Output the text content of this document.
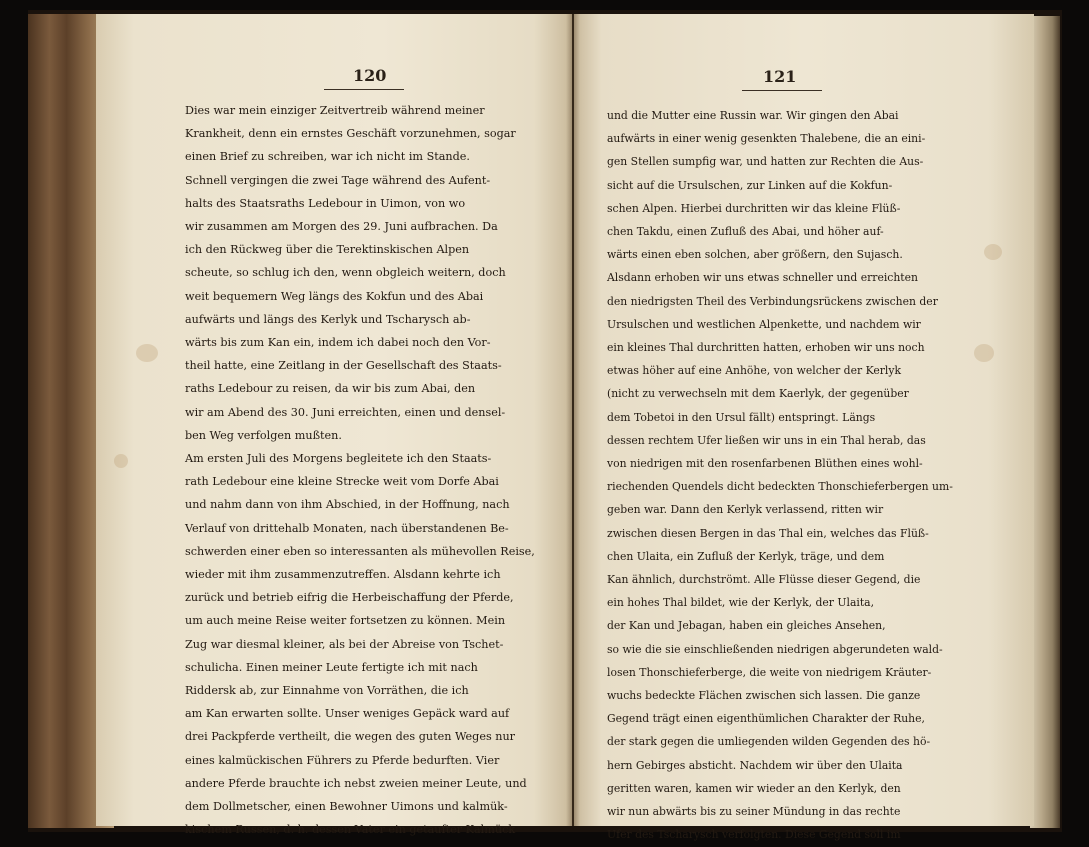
120	121
Dies war mein einziger Zeitvertreib während meiner
Krankheit, denn ein ernstes Geschäft vorzunehmen, sogar
einen Brief zu schreiben, war ich nicht im Stande.
Schnell vergingen die zwei Tage während des Aufent-
halts des Staatsraths Ledebour in Uimon, von wo
wir zusammen am Morgen des 29. Juni aufbrachen. Da
ich den Rückweg über die Terektinskischen Alpen
scheute, so schlug ich den, wenn obgleich weitern, doch
weit bequemern Weg längs des Kokfun und des Abai
aufwärts und längs des Kerlyk und Tscharysch ab-
wärts bis zum Kan ein, indem ich dabei noch den Vor-
theil hatte, eine Zeitlang in der Gesellschaft des Staats-
raths Ledebour zu reisen, da wir bis zum Abai, den
wir am Abend des 30. Juni erreichten, einen und densel-
ben Weg verfolgen mußten.
Am ersten Juli des Morgens begleitete ich den Staats-
rath Ledebour eine kleine Strecke weit vom Dorfe Abai
und nahm dann von ihm Abschied, in der Hoffnung, nach
Verlauf von drittehalb Monaten, nach überstandenen Be-
schwerden einer eben so interessanten als mühevollen Reise,
wieder mit ihm zusammenzutreffen. Alsdann kehrte ich
zurück und betrieb eifrig die Herbeischaffung der Pferde,
um auch meine Reise weiter fortsetzen zu können. Mein
Zug war diesmal kleiner, als bei der Abreise von Tschet-
schulicha. Einen meiner Leute fertigte ich mit nach
Riddersk ab, zur Einnahme von Vorräthen, die ich
am Kan erwarten sollte. Unser weniges Gepäck ward auf
drei Packpferde vertheilt, die wegen des guten Weges nur
eines kalmückischen Führers zu Pferde bedurften. Vier
andere Pferde brauchte ich nebst zweien meiner Leute, und
dem Dollmetscher, einen Bewohner Uimons und kalmük-
kischem Russen, d. h. dessen Vater ein getaufter Kalmück
und die Mutter eine Russin war. Wir gingen den Abai
aufwärts in einer wenig gesenkten Thalebene, die an eini-
gen Stellen sumpfig war, und hatten zur Rechten die Aus-
sicht auf die Ursulschen, zur Linken auf die Kokfun-
schen Alpen. Hierbei durchritten wir das kleine Flüß-
chen Takdu, einen Zufluß des Abai, und höher auf-
wärts einen eben solchen, aber größern, den Sujasch.
Alsdann erhoben wir uns etwas schneller und erreichten
den niedrigsten Theil des Verbindungsrückens zwischen der
Ursulschen und westlichen Alpenkette, und nachdem wir
ein kleines Thal durchritten hatten, erhoben wir uns noch
etwas höher auf eine Anhöhe, von welcher der Kerlyk
(nicht zu verwechseln mit dem Kaerlyk, der gegenüber
dem Tobetoi in den Ursul fällt) entspringt. Längs
dessen rechtem Ufer ließen wir uns in ein Thal herab, das
von niedrigen mit den rosenfarbenen Blüthen eines wohl-
riechenden Quendels dicht bedeckten Thonschieferbergen um-
geben war. Dann den Kerlyk verlassend, ritten wir
zwischen diesen Bergen in das Thal ein, welches das Flüß-
chen Ulaita, ein Zufluß der Kerlyk, träge, und dem
Kan ähnlich, durchströmt. Alle Flüsse dieser Gegend, die
ein hohes Thal bildet, wie der Kerlyk, der Ulaita,
der Kan und Jebagan, haben ein gleiches Ansehen,
so wie die sie einschließenden niedrigen abgerundeten wald-
losen Thonschieferberge, die weite von niedrigem Kräuter-
wuchs bedeckte Flächen zwischen sich lassen. Die ganze
Gegend trägt einen eigenthümlichen Charakter der Ruhe,
der stark gegen die umliegenden wilden Gegenden des hö-
hern Gebirges absticht. Nachdem wir über den Ulaita
geritten waren, kamen wir wieder an den Kerlyk, den
wir nun abwärts bis zu seiner Mündung in das rechte
Ufer des Tscharysch verfolgten. Diese Gegend soll im
